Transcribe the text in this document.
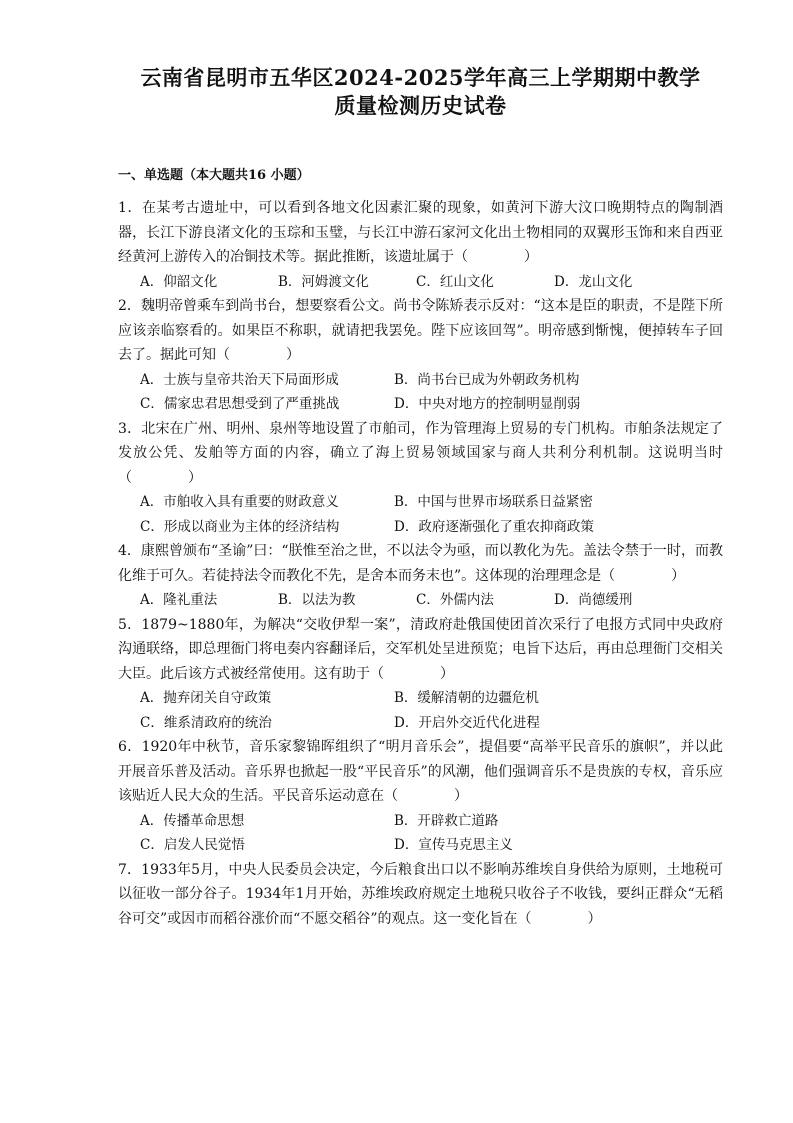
云南省昆明市五华区2024-2025学年高三上学期期中教学
质量检测历史试卷
一、单选题（本大题共16 小题）

1．在某考古遗址中，可以看到各地文化因素汇聚的现象，如黄河下游大汶口晚期特点的陶制酒器，长江下游良渚文化的玉琮和玉璧，与长江中游石家河文化出土物相同的双翼形玉饰和来自西亚经黄河上游传入的冶铜技术等。据此推断，该遗址属于（　　　　）

A．仰韶文化	B．河姆渡文化	C．红山文化	D．龙山文化

2．魏明帝曾乘车到尚书台，想要察看公文。尚书令陈矫表示反对：“这本是臣的职责，不是陛下所应该亲临察看的。如果臣不称职，就请把我罢免。陛下应该回驾”。明帝感到惭愧，便掉转车子回去了。据此可知（　　　　）

A．士族与皇帝共治天下局面形成	B．尚书台已成为外朝政务机构
C．儒家忠君思想受到了严重挑战	D．中央对地方的控制明显削弱

3．北宋在广州、明州、泉州等地设置了市舶司，作为管理海上贸易的专门机构。市舶条法规定了发放公凭、发舶等方面的内容，确立了海上贸易领域国家与商人共利分利机制。这说明当时（　　　　）

A．市舶收入具有重要的财政意义	B．中国与世界市场联系日益紧密
C．形成以商业为主体的经济结构	D．政府逐渐强化了重农抑商政策

4．康熙曾颁布“圣谕”曰：“朕惟至治之世，不以法令为亟，而以教化为先。盖法令禁于一时，而教化维于可久。若徒持法令而教化不先，是舍本而务末也”。这体现的治理理念是（　　　　）

A．隆礼重法	B．以法为教	C．外儒内法	D．尚德缓刑

5．1879~1880年，为解决“交收伊犁一案”，清政府赴俄国使团首次采行了电报方式同中央政府沟通联络，即总理衙门将电奏内容翻译后，交军机处呈进预览；电旨下达后，再由总理衙门交相关大臣。此后该方式被经常使用。这有助于（　　　　）

A．抛弃闭关自守政策	B．缓解清朝的边疆危机
C．维系清政府的统治	D．开启外交近代化进程

6．1920年中秋节，音乐家黎锦晖组织了“明月音乐会”，提倡要“高举平民音乐的旗帜”，并以此开展音乐普及活动。音乐界也掀起一股“平民音乐”的风潮，他们强调音乐不是贵族的专权，音乐应该贴近人民大众的生活。平民音乐运动意在（　　　　）

A．传播革命思想	B．开辟救亡道路
C．启发人民觉悟	D．宣传马克思主义

7．1933年5月，中央人民委员会决定，今后粮食出口以不影响苏维埃自身供给为原则，土地税可以征收一部分谷子。1934年1月开始，苏维埃政府规定土地税只收谷子不收钱，要纠正群众“无稻谷可交”或因市而稻谷涨价而“不愿交稻谷”的观点。这一变化旨在（　　　　）
